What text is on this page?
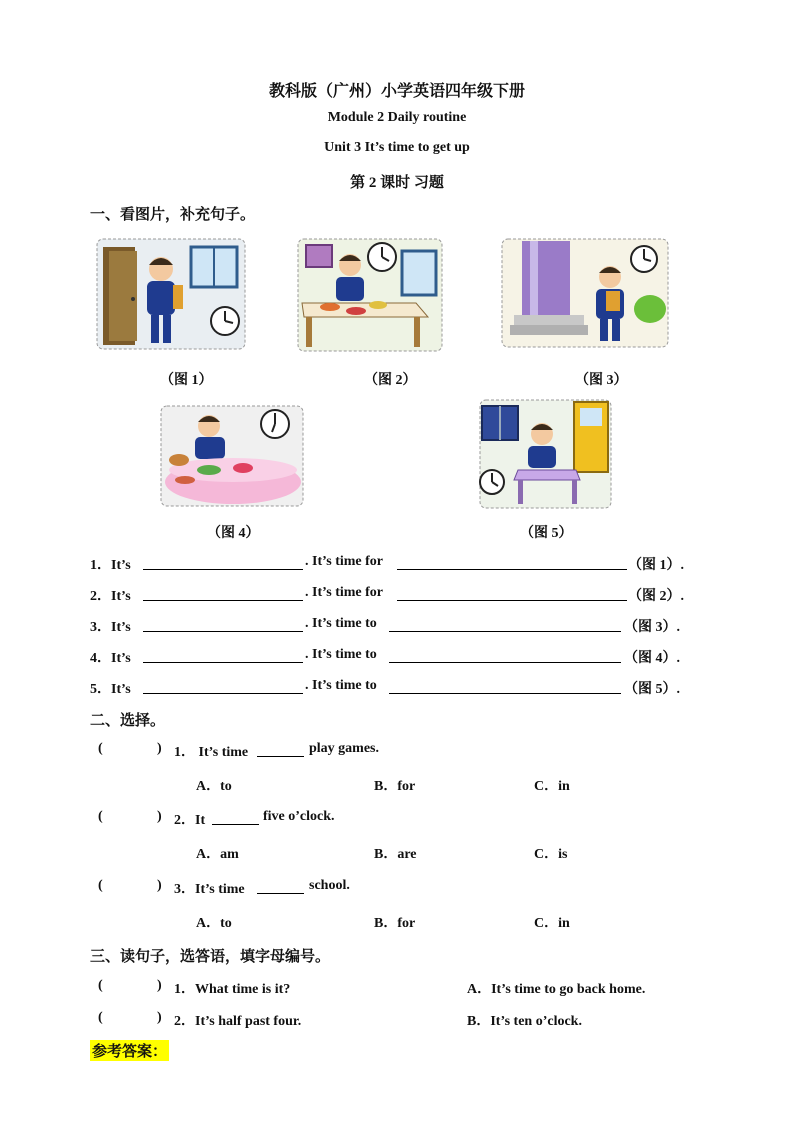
教科版（广州）小学英语四年级下册
Module 2 Daily routine
Unit 3 It’s time to get up
第 2 课时 习题
一、看图片，补充句子。
（图 1）	（图 2）	（图 3）
（图 4）	（图 5）
1．It’s	. It’s time for	（图 1）.
2．It’s	. It’s time for	（图 2）.
3．It’s	. It’s time to	（图 3）.
4．It’s	. It’s time to	（图 4）.
5．It’s	. It’s time to	（图 5）.
二、选择。
(	) 1． It’s time	play games.
A．to	B．for	C．in
(	) 2．It	five o’clock.
A．am	B．are	C．is
(	) 3．It’s time	school.
A．to	B．for	C．in
三、读句子，选答语，填字母编号。
(	) 1．What time is it?	A．It’s time to go back home.
(	) 2．It’s half past four.	B．It’s ten o’clock.
参考答案：
